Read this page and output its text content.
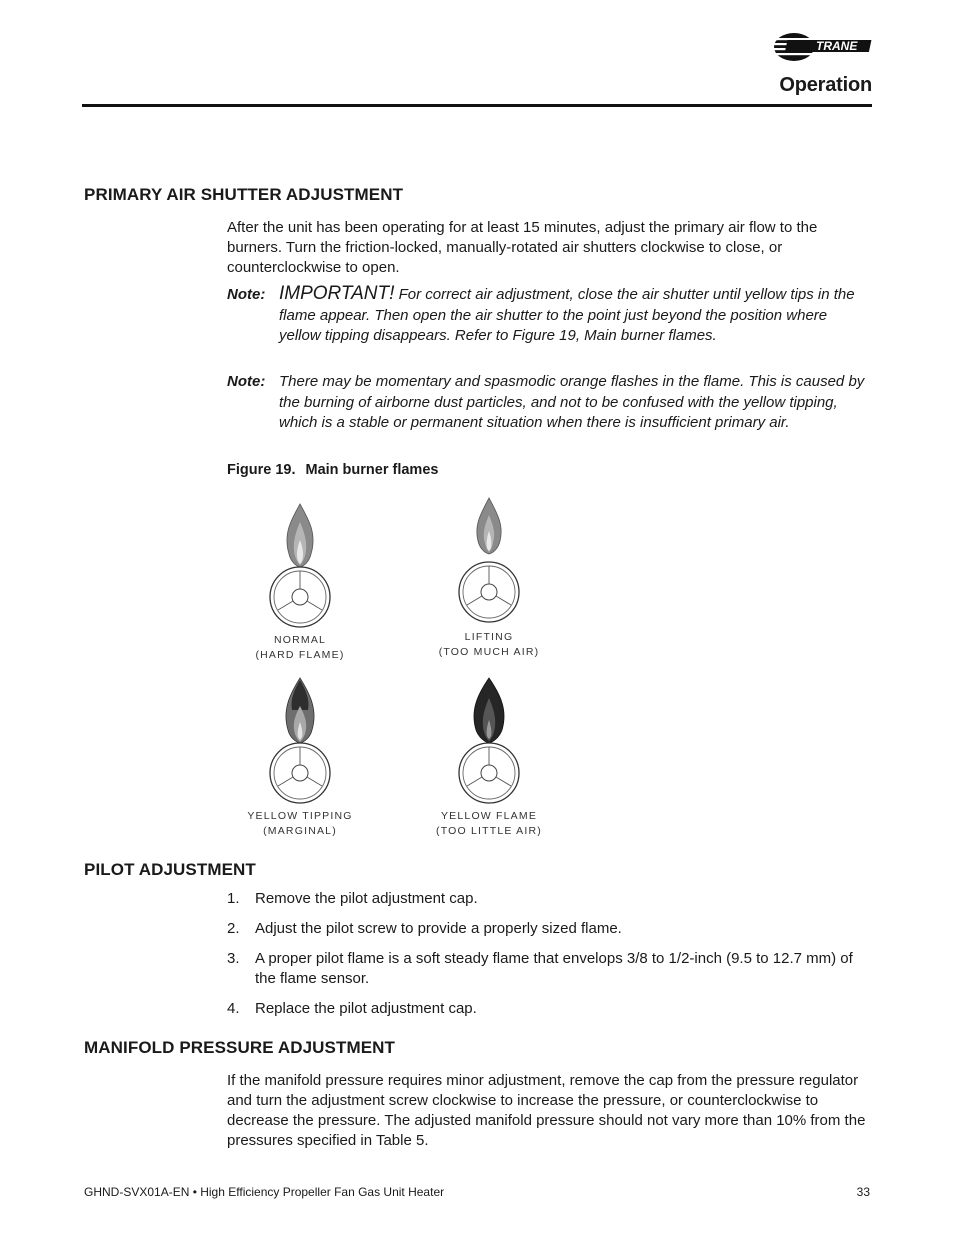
TRANE
Operation
PRIMARY AIR SHUTTER ADJUSTMENT
After the unit has been operating for at least 15 minutes, adjust the primary air flow to the burners. Turn the friction-locked, manually-rotated air shutters clockwise to close, or counterclockwise to open.
Note: IMPORTANT! For correct air adjustment, close the air shutter until yellow tips in the flame appear. Then open the air shutter to the point just beyond the position where yellow tipping disappears. Refer to Figure 19, Main burner flames.
Note: There may be momentary and spasmodic orange flashes in the flame. This is caused by the burning of airborne dust particles, and not to be confused with the yellow tipping, which is a stable or permanent situation when there is insufficient primary air.
Figure 19. Main burner flames
NORMAL
(HARD FLAME)
LIFTING
(TOO MUCH AIR)
YELLOW TIPPING
(MARGINAL)
YELLOW FLAME
(TOO LITTLE AIR)
PILOT ADJUSTMENT
1. Remove the pilot adjustment cap.
2. Adjust the pilot screw to provide a properly sized flame.
3. A proper pilot flame is a soft steady flame that envelops 3/8 to 1/2-inch (9.5 to 12.7 mm) of the flame sensor.
4. Replace the pilot adjustment cap.
MANIFOLD PRESSURE ADJUSTMENT
If the manifold pressure requires minor adjustment, remove the cap from the pressure regulator and turn the adjustment screw clockwise to increase the pressure, or counterclockwise to decrease the pressure. The adjusted manifold pressure should not vary more than 10% from the pressures specified in Table 5.
GHND-SVX01A-EN • High Efficiency Propeller Fan Gas Unit Heater	33
